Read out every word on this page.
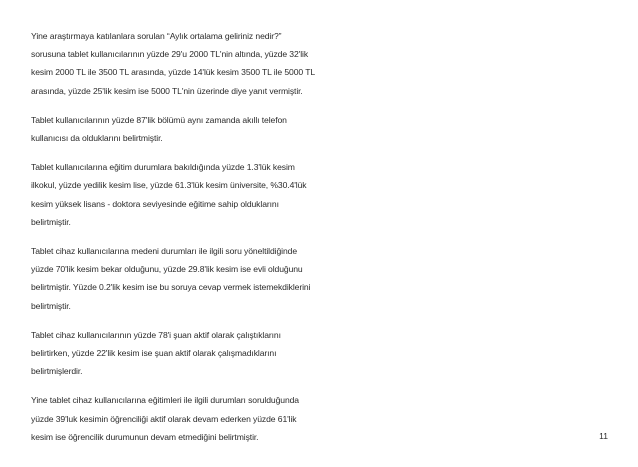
Yine araştırmaya katılanlara sorulan “Aylık ortalama geliriniz nedir?” sorusuna tablet kullanıcılarının yüzde 29'u 2000 TL'nin altında, yüzde 32'lik kesim 2000 TL ile 3500 TL arasında, yüzde 14'lük kesim 3500 TL ile 5000 TL arasında, yüzde 25'lik kesim ise 5000 TL'nin üzerinde diye yanıt vermiştir.

Tablet kullanıcılarının yüzde 87'lik bölümü aynı zamanda akıllı telefon kullanıcısı da olduklarını belirtmiştir.

Tablet kullanıcılarına eğitim durumlara bakıldığında yüzde 1.3'lük kesim ilkokul, yüzde yedilik kesim lise, yüzde 61.3'lük kesim üniversite, %30.4'lük kesim yüksek lisans - doktora seviyesinde eğitime sahip olduklarını belirtmiştir.

Tablet cihaz kullanıcılarına medeni durumları ile ilgili soru yöneltildiğinde yüzde 70'lik kesim bekar olduğunu, yüzde 29.8'lik kesim ise evli olduğunu belirtmiştir. Yüzde 0.2'lik kesim ise bu soruya cevap vermek istemekdiklerini belirtmiştir.

Tablet cihaz kullanıcılarının yüzde 78'i şuan aktif olarak çalıştıklarını belirtirken, yüzde 22'lik kesim ise şuan aktif olarak çalışmadıklarını belirtmişlerdir.

Yine tablet cihaz kullanıcılarına eğitimleri ile ilgili durumları sorulduğunda yüzde 39'luk kesimin öğrenciliği aktif olarak devam ederken yüzde 61'lik kesim ise öğrencilik durumunun devam etmediğini belirtmiştir.	11
